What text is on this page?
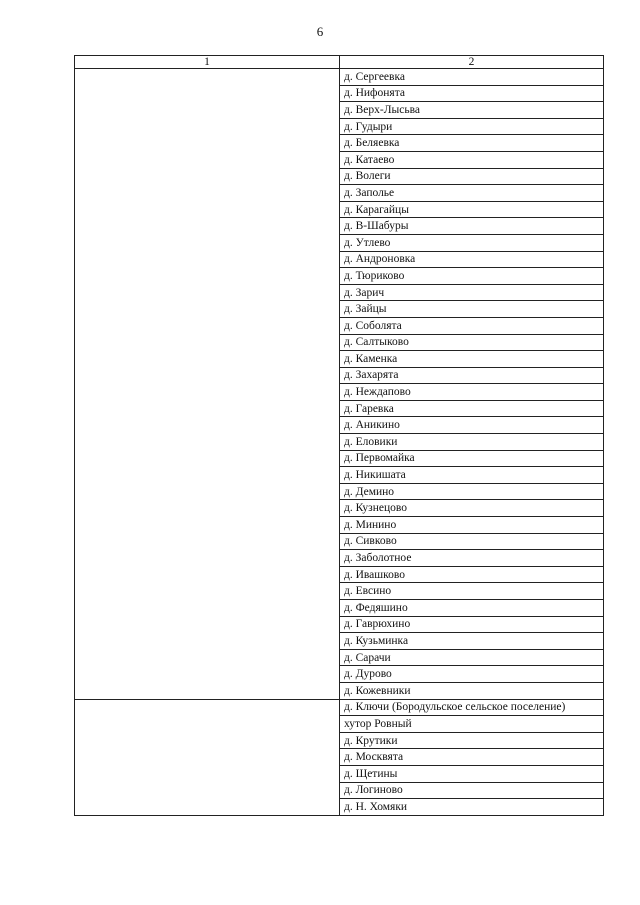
6
1	2
	д. Сергеевка
	д. Нифонята
	д. Верх-Лысьва
	д. Гудыри
	д. Беляевка
	д. Катаево
	д. Волеги
	д. Заполье
	д. Карагайцы
	д. В-Шабуры
	д. Утлево
	д. Андроновка
	д. Тюриково
	д. Зарич
	д. Зайцы
	д. Соболята
	д. Салтыково
	д. Каменка
	д. Захарята
	д. Неждапово
	д. Гаревка
	д. Аникино
	д. Еловики
	д. Первомайка
	д. Никишата
	д. Демино
	д. Кузнецово
	д. Минино
	д. Сивково
	д. Заболотное
	д. Ивашково
	д. Евсино
	д. Федяшино
	д. Гаврюхино
	д. Кузьминка
	д. Сарачи
	д. Дурово
	д. Кожевники
	д. Ключи (Бородульское сельское поселение)
	хутор Ровный
	д. Крутики
	д. Москвята
	д. Щетины
	д. Логиново
	д. Н. Хомяки
